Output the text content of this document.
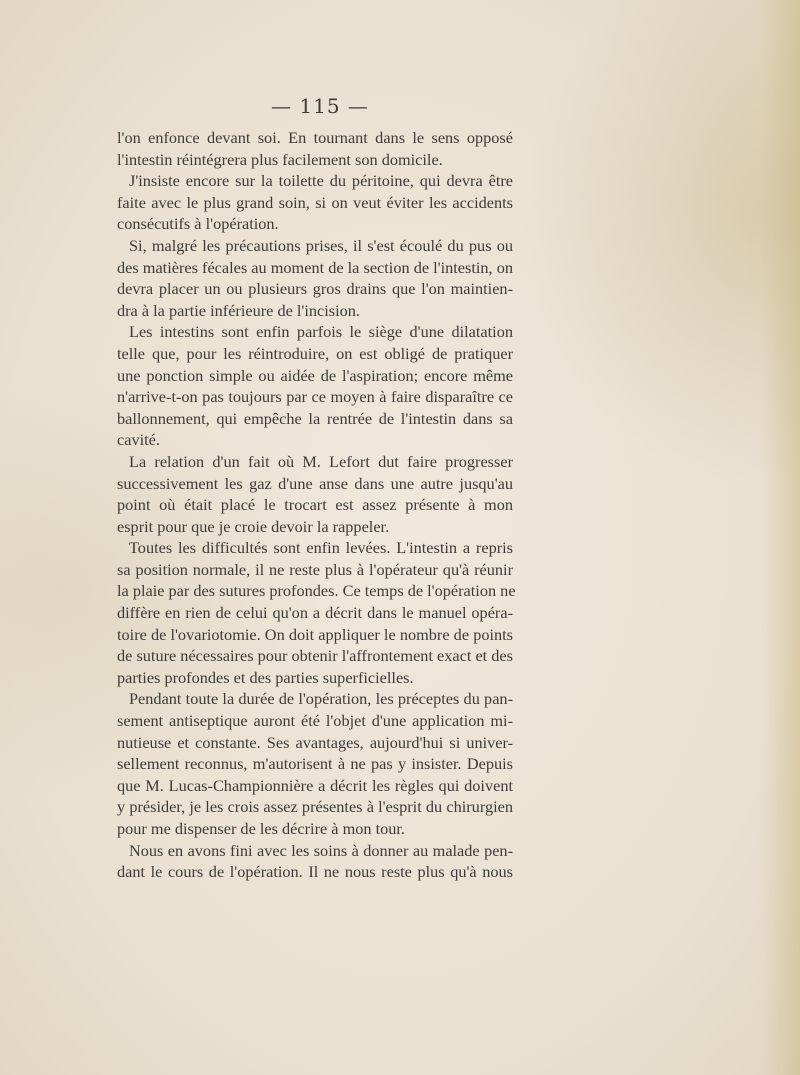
— 115 —
l'on enfonce devant soi. En tournant dans le sens opposé
l'intestin réintégrera plus facilement son domicile.
J'insiste encore sur la toilette du péritoine, qui devra être
faite avec le plus grand soin, si on veut éviter les accidents
consécutifs à l'opération.
Si, malgré les précautions prises, il s'est écoulé du pus ou
des matières fécales au moment de la section de l'intestin, on
devra placer un ou plusieurs gros drains que l'on maintien-
dra à la partie inférieure de l'incision.
Les intestins sont enfin parfois le siège d'une dilatation
telle que, pour les réintroduire, on est obligé de pratiquer
une ponction simple ou aidée de l'aspiration; encore même
n'arrive-t-on pas toujours par ce moyen à faire disparaître ce
ballonnement, qui empêche la rentrée de l'intestin dans sa
cavité.
La relation d'un fait où M. Lefort dut faire progresser
successivement les gaz d'une anse dans une autre jusqu'au
point où était placé le trocart est assez présente à mon
esprit pour que je croie devoir la rappeler.
Toutes les difficultés sont enfin levées. L'intestin a repris
sa position normale, il ne reste plus à l'opérateur qu'à réunir
la plaie par des sutures profondes. Ce temps de l'opération ne
diffère en rien de celui qu'on a décrit dans le manuel opéra-
toire de l'ovariotomie. On doit appliquer le nombre de points
de suture nécessaires pour obtenir l'affrontement exact et des
parties profondes et des parties superficielles.
Pendant toute la durée de l'opération, les préceptes du pan-
sement antiseptique auront été l'objet d'une application mi-
nutieuse et constante. Ses avantages, aujourd'hui si univer-
sellement reconnus, m'autorisent à ne pas y insister. Depuis
que M. Lucas-Championnière a décrit les règles qui doivent
y présider, je les crois assez présentes à l'esprit du chirurgien
pour me dispenser de les décrire à mon tour.
Nous en avons fini avec les soins à donner au malade pen-
dant le cours de l'opération. Il ne nous reste plus qu'à nous
